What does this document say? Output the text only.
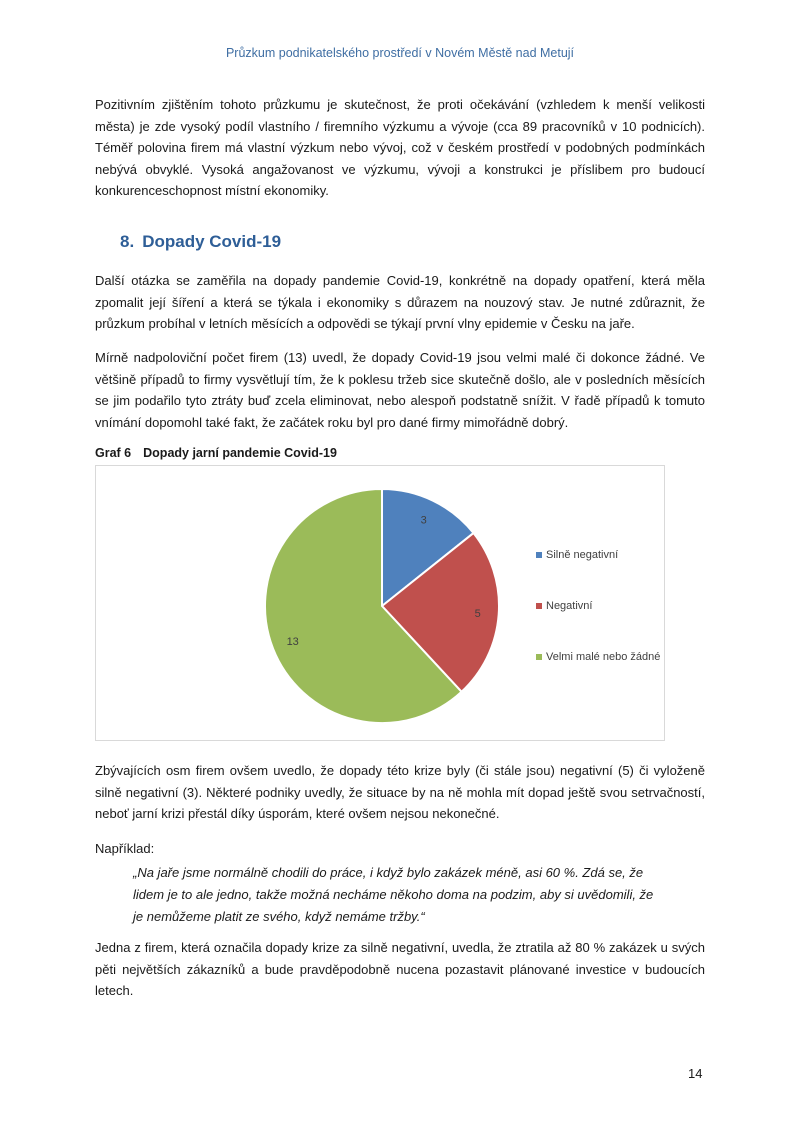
Průzkum podnikatelského prostředí v Novém Městě nad Metují

Pozitivním zjištěním tohoto průzkumu je skutečnost, že proti očekávání (vzhledem k menší velikosti města) je zde vysoký podíl vlastního / firemního výzkumu a vývoje (cca 89 pracovníků v 10 podnicích). Téměř polovina firem má vlastní výzkum nebo vývoj, což v českém prostředí v podobných podmínkách nebývá obvyklé. Vysoká angažovanost ve výzkumu, vývoji a konstrukci je příslibem pro budoucí konkurenceschopnost místní ekonomiky.

8. Dopady Covid-19

Další otázka se zaměřila na dopady pandemie Covid-19, konkrétně na dopady opatření, která měla zpomalit její šíření a která se týkala i ekonomiky s důrazem na nouzový stav. Je nutné zdůraznit, že průzkum probíhal v letních měsících a odpovědi se týkají první vlny epidemie v Česku na jaře.

Mírně nadpoloviční počet firem (13) uvedl, že dopady Covid-19 jsou velmi malé či dokonce žádné. Ve většině případů to firmy vysvětlují tím, že k poklesu tržeb sice skutečně došlo, ale v posledních měsících se jim podařilo tyto ztráty buď zcela eliminovat, nebo alespoň podstatně snížit. V řadě případů k tomuto vnímání dopomohl také fakt, že začátek roku byl pro dané firmy mimořádně dobrý.

Graf 6 Dopady jarní pandemie Covid-19

3
5
13
Silně negativní
Negativní
Velmi malé nebo žádné

Zbývajících osm firem ovšem uvedlo, že dopady této krize byly (či stále jsou) negativní (5) či vyloženě silně negativní (3). Některé podniky uvedly, že situace by na ně mohla mít dopad ještě svou setrvačností, neboť jarní krizi přestál díky úsporám, které ovšem nejsou nekonečné.

Například:

„Na jaře jsme normálně chodili do práce, i když bylo zakázek méně, asi 60 %. Zdá se, že

lidem je to ale jedno, takže možná necháme někoho doma na podzim, aby si uvědomili, že

je nemůžeme platit ze svého, když nemáme tržby.“

Jedna z firem, která označila dopady krize za silně negativní, uvedla, že ztratila až 80 % zakázek u svých pěti největších zákazníků a bude pravděpodobně nucena pozastavit plánované investice v budoucích letech.

14
